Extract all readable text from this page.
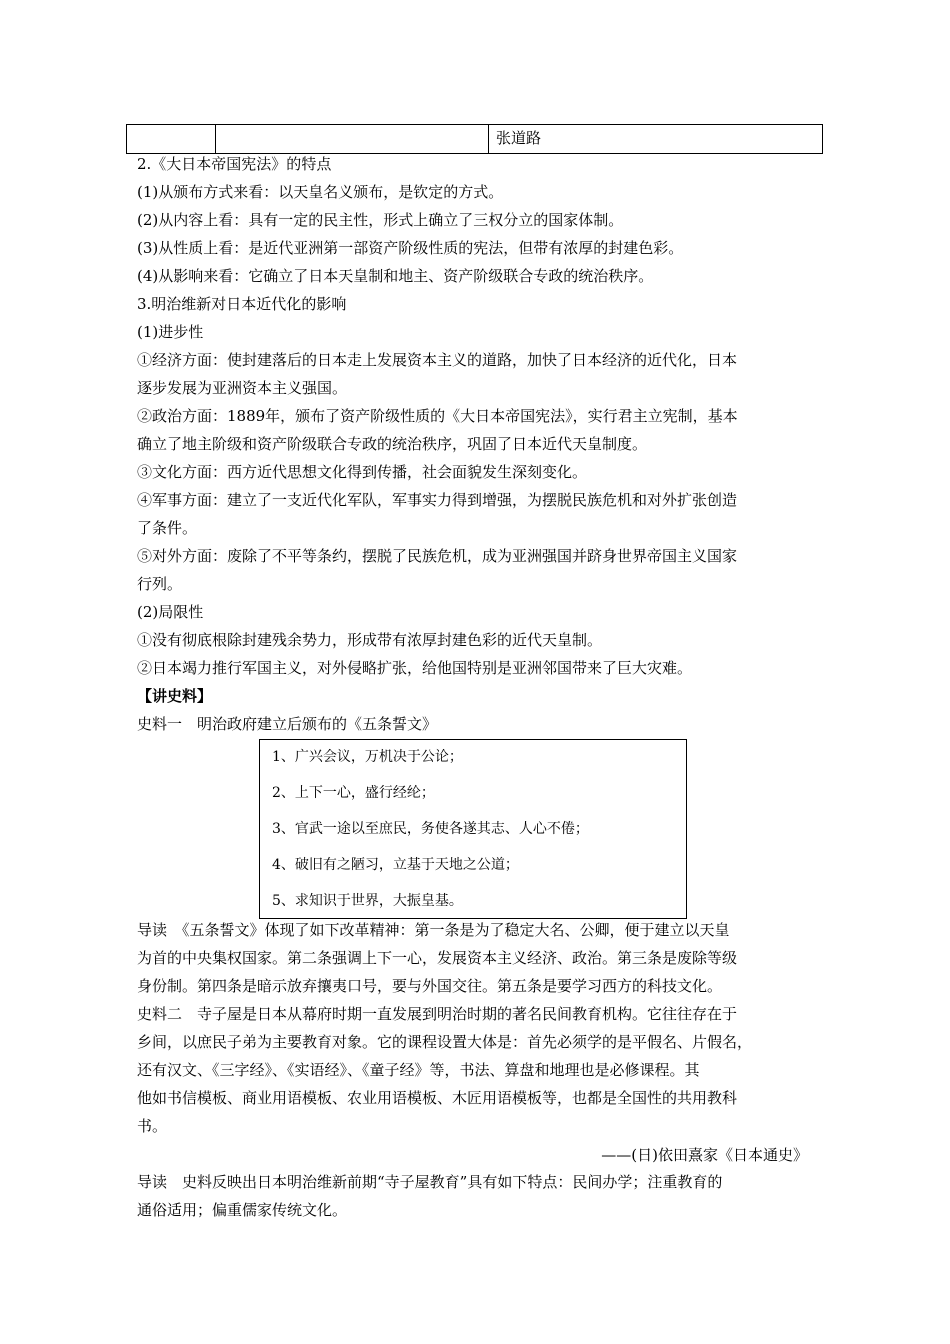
张道路
2.《大日本帝国宪法》的特点
(1)从颁布方式来看：以天皇名义颁布，是钦定的方式。
(2)从内容上看：具有一定的民主性，形式上确立了三权分立的国家体制。
(3)从性质上看：是近代亚洲第一部资产阶级性质的宪法，但带有浓厚的封建色彩。
(4)从影响来看：它确立了日本天皇制和地主、资产阶级联合专政的统治秩序。
3.明治维新对日本近代化的影响
(1)进步性
①经济方面：使封建落后的日本走上发展资本主义的道路，加快了日本经济的近代化，日本
逐步发展为亚洲资本主义强国。
②政治方面：1889年，颁布了资产阶级性质的《大日本帝国宪法》，实行君主立宪制，基本
确立了地主阶级和资产阶级联合专政的统治秩序，巩固了日本近代天皇制度。
③文化方面：西方近代思想文化得到传播，社会面貌发生深刻变化。
④军事方面：建立了一支近代化军队，军事实力得到增强，为摆脱民族危机和对外扩张创造
了条件。
⑤对外方面：废除了不平等条约，摆脱了民族危机，成为亚洲强国并跻身世界帝国主义国家
行列。
(2)局限性
①没有彻底根除封建残余势力，形成带有浓厚封建色彩的近代天皇制。
②日本竭力推行军国主义，对外侵略扩张，给他国特别是亚洲邻国带来了巨大灾难。
【讲史料】
史料一　明治政府建立后颁布的《五条誓文》
1、广兴会议，万机决于公论；
2、上下一心，盛行经纶；
3、官武一途以至庶民，务使各遂其志、人心不倦；
4、破旧有之陋习，立基于天地之公道；
5、求知识于世界，大振皇基。
导读　《五条誓文》体现了如下改革精神：第一条是为了稳定大名、公卿，便于建立以天皇
为首的中央集权国家。第二条强调上下一心，发展资本主义经济、政治。第三条是废除等级
身份制。第四条是暗示放弃攘夷口号，要与外国交往。第五条是要学习西方的科技文化。
史料二　寺子屋是日本从幕府时期一直发展到明治时期的著名民间教育机构。它往往存在于
乡间，以庶民子弟为主要教育对象。它的课程设置大体是：首先必须学的是平假名、片假名，
还有汉文、《三字经》、《实语经》、《童子经》等，书法、算盘和地理也是必修课程。其
他如书信模板、商业用语模板、农业用语模板、木匠用语模板等，也都是全国性的共用教科
书。
——(日)依田熹家《日本通史》
导读　史料反映出日本明治维新前期“寺子屋教育”具有如下特点：民间办学；注重教育的
通俗适用；偏重儒家传统文化。
